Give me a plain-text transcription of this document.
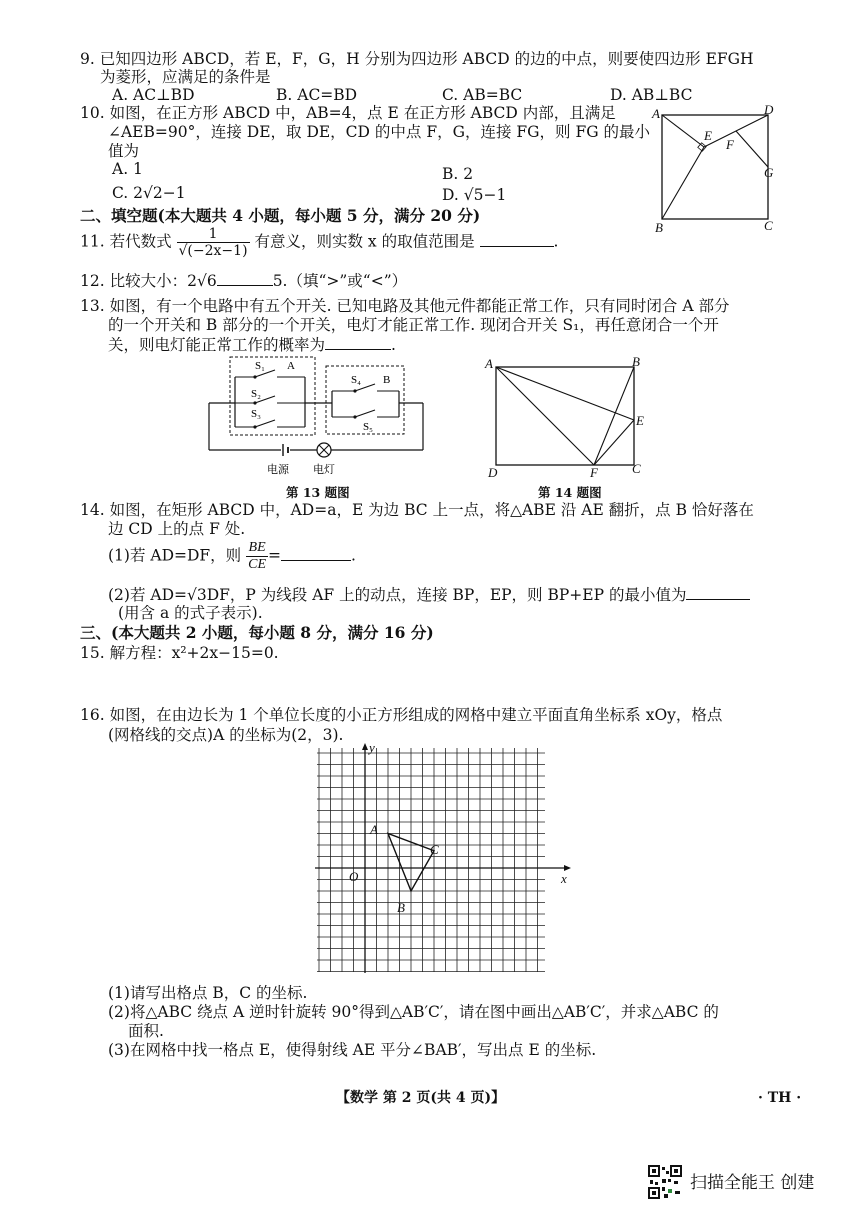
9. 已知四边形 ABCD，若 E，F，G，H 分别为四边形 ABCD 的边的中点，则要使四边形 EFGH
为菱形，应满足的条件是
A. AC⊥BD	B. AC=BD	C. AB=BC	D. AB⊥BC
10. 如图，在正方形 ABCD 中，AB=4，点 E 在正方形 ABCD 内部，且满足
∠AEB=90°，连接 DE，取 DE，CD 的中点 F，G，连接 FG，则 FG 的最小
值为
A. 1	B. 2
C. 2√2−1	D. √5−1
A	D
E
F
G
B	C
二、填空题(本大题共 4 小题，每小题 5 分，满分 20 分)
11. 若代数式 $\frac{1}{√(-2x-1)}$ 有意义，则实数 x 的取值范围是	.
12. 比较大小：2√6	5.（填“>”或“<”）
13. 如图，有一个电路中有五个开关. 已知电路及其他元件都能正常工作，只有同时闭合 A 部分
的一个开关和 B 部分的一个开关，电灯才能正常工作. 现闭合开关 S₁，再任意闭合一个开
关，则电灯能正常工作的概率为	.
S₁ A
S₂
S₃
S₄ B
S₅
电源 电灯
第 13 题图
A	B
E
D	F	C
第 14 题图
14. 如图，在矩形 ABCD 中，AD=a，E 为边 BC 上一点，将△ABE 沿 AE 翻折，点 B 恰好落在
边 CD 上的点 F 处.
(1)若 AD=DF，则 $\frac{BE}{CE}$ =	.
(2)若 AD=√3DF，P 为线段 AF 上的动点，连接 BP，EP，则 BP+EP 的最小值为
(用含 a 的式子表示).
三、(本大题共 2 小题，每小题 8 分，满分 16 分)
15. 解方程：x²+2x−15=0.
16. 如图，在由边长为 1 个单位长度的小正方形组成的网格中建立平面直角坐标系 xOy，格点
(网格线的交点)A 的坐标为(2，3).
y
x
O
A
C
B
(1)请写出格点 B，C 的坐标.
(2)将△ABC 绕点 A 逆时针旋转 90°得到△AB′C′，请在图中画出△AB′C′，并求△ABC 的
面积.
(3)在网格中找一格点 E，使得射线 AE 平分∠BAB′，写出点 E 的坐标.
【数学 第 2 页(共 4 页)】	· TH ·
扫描全能王 创建
